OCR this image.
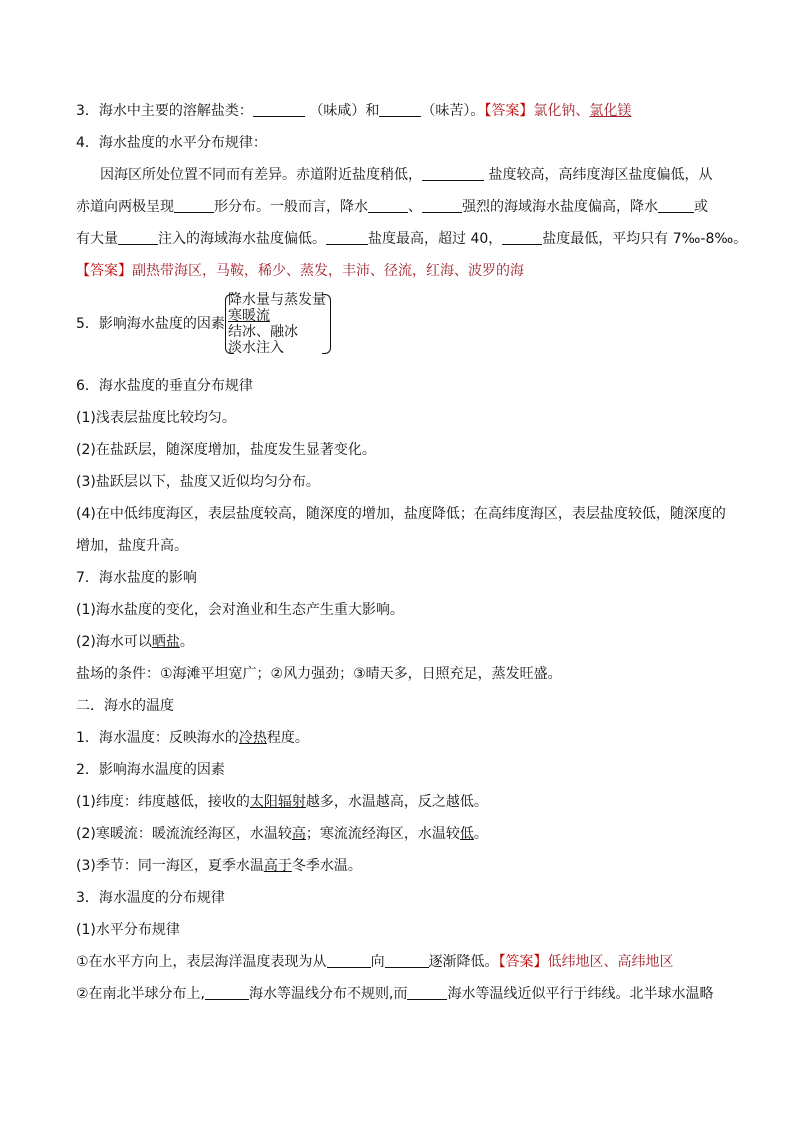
3．海水中主要的溶解盐类：	（味咸）和	（味苦）。【答案】氯化钠、氯化镁
4．海水盐度的水平分布规律：
因海区所处位置不同而有差异。赤道附近盐度稍低，	盐度较高，高纬度海区盐度偏低，从
赤道向两极呈现	形分布。一般而言，降水	、	强烈的海域海水盐度偏高，降水	或
有大量	注入的海域海水盐度偏低。	盐度最高，超过 40，	盐度最低，平均只有 7‰-8‰。
【答案】副热带海区，马鞍，稀少、蒸发，丰沛、径流，红海、波罗的海
5．影响海水盐度的因素
降水量与蒸发量
寒暖流
结冰、融冰
淡水注入
6．海水盐度的垂直分布规律
(1)浅表层盐度比较均匀。
(2)在盐跃层，随深度增加，盐度发生显著变化。
(3)盐跃层以下，盐度又近似均匀分布。
(4)在中低纬度海区，表层盐度较高，随深度的增加，盐度降低；在高纬度海区，表层盐度较低，随深度的
增加，盐度升高。
7．海水盐度的影响
(1)海水盐度的变化，会对渔业和生态产生重大影响。
(2)海水可以晒盐。
盐场的条件：①海滩平坦宽广；②风力强劲；③晴天多，日照充足，蒸发旺盛。
二．海水的温度
1．海水温度：反映海水的冷热程度。
2．影响海水温度的因素
(1)纬度：纬度越低，接收的太阳辐射越多，水温越高，反之越低。
(2)寒暖流：暖流流经海区，水温较高；寒流流经海区，水温较低。
(3)季节：同一海区，夏季水温高于冬季水温。
3．海水温度的分布规律
(1)水平分布规律
①在水平方向上，表层海洋温度表现为从	向	逐渐降低。【答案】低纬地区、高纬地区
②在南北半球分布上,	海水等温线分布不规则,而	海水等温线近似平行于纬线。北半球水温略
